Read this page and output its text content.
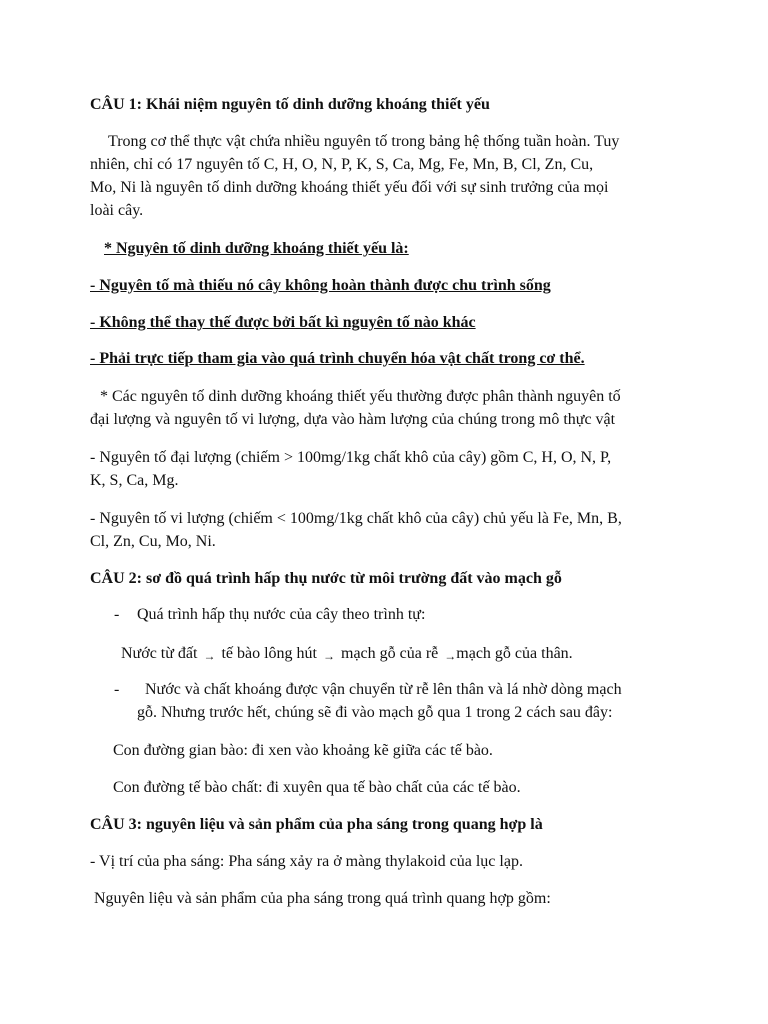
CÂU 1: Khái niệm nguyên tố dinh dưỡng khoáng thiết yếu
Trong cơ thể thực vật chứa nhiều nguyên tố trong bảng hệ thống tuần hoàn. Tuy
nhiên, chỉ có 17 nguyên tố C, H, O, N, P, K, S, Ca, Mg, Fe, Mn, B, Cl, Zn, Cu,
Mo, Ni là nguyên tố dinh dưỡng khoáng thiết yếu đối với sự sinh trưởng của mọi
loài cây.
* Nguyên tố dinh dưỡng khoáng thiết yếu là:
- Nguyên tố mà thiếu nó cây không hoàn thành được chu trình sống
- Không thể thay thế được bởi bất kì nguyên tố nào khác
- Phải trực tiếp tham gia vào quá trình chuyển hóa vật chất trong cơ thể.
* Các nguyên tố dinh dưỡng khoáng thiết yếu thường được phân thành nguyên tố
đại lượng và nguyên tố vi lượng, dựa vào hàm lượng của chúng trong mô thực vật
- Nguyên tố đại lượng (chiếm > 100mg/1kg chất khô của cây) gồm C, H, O, N, P,
K, S, Ca, Mg.
- Nguyên tố vi lượng (chiếm < 100mg/1kg chất khô của cây) chủ yếu là Fe, Mn, B,
Cl, Zn, Cu, Mo, Ni.
CÂU 2: sơ đồ quá trình hấp thụ nước từ môi trường đất vào mạch gỗ
- Quá trình hấp thụ nước của cây theo trình tự:
Nước từ đất → tế bào lông hút → mạch gỗ của rễ →mạch gỗ của thân.
- Nước và chất khoáng được vận chuyển từ rễ lên thân và lá nhờ dòng mạch
gỗ. Nhưng trước hết, chúng sẽ đi vào mạch gỗ qua 1 trong 2 cách sau đây:
Con đường gian bào: đi xen vào khoảng kẽ giữa các tế bào.
Con đường tế bào chất: đi xuyên qua tế bào chất của các tế bào.
CÂU 3: nguyên liệu và sản phẩm của pha sáng trong quang hợp là
- Vị trí của pha sáng: Pha sáng xảy ra ở màng thylakoid của lục lạp.
Nguyên liệu và sản phẩm của pha sáng trong quá trình quang hợp gồm:
